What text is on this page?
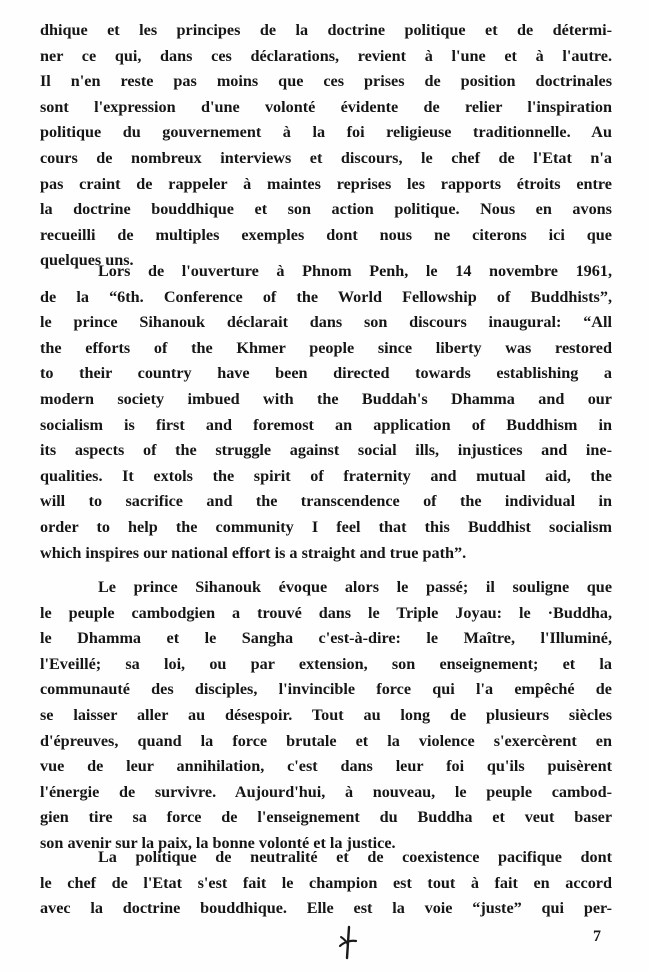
dhique et les principes de la doctrine politique et de détermi-
ner ce qui, dans ces déclarations, revient à l'une et à l'autre.
Il n'en reste pas moins que ces prises de position doctrinales
sont l'expression d'une volonté évidente de relier l'inspiration
politique du gouvernement à la foi religieuse traditionnelle. Au
cours de nombreux interviews et discours, le chef de l'Etat n'a
pas craint de rappeler à maintes reprises les rapports étroits entre
la doctrine bouddhique et son action politique. Nous en avons
recueilli de multiples exemples dont nous ne citerons ici que
quelques uns.
Lors de l'ouverture à Phnom Penh, le 14 novembre 1961,
de la “6th. Conference of the World Fellowship of Buddhists”,
le prince Sihanouk déclarait dans son discours inaugural: “All
the efforts of the Khmer people since liberty was restored
to their country have been directed towards establishing a
modern society imbued with the Buddah's Dhamma and our
socialism is first and foremost an application of Buddhism in
its aspects of the struggle against social ills, injustices and ine-
qualities. It extols the spirit of fraternity and mutual aid, the
will to sacrifice and the transcendence of the individual in
order to help the community I feel that this Buddhist socialism
which inspires our national effort is a straight and true path”.
Le prince Sihanouk évoque alors le passé; il souligne que
le peuple cambodgien a trouvé dans le Triple Joyau: le ·Buddha,
le Dhamma et le Sangha c'est-à-dire: le Maître, l'Illuminé,
l'Eveillé; sa loi, ou par extension, son enseignement; et la
communauté des disciples, l'invincible force qui l'a empêché de
se laisser aller au désespoir. Tout au long de plusieurs siècles
d'épreuves, quand la force brutale et la violence s'exercèrent en
vue de leur annihilation, c'est dans leur foi qu'ils puisèrent
l'énergie de survivre. Aujourd'hui, à nouveau, le peuple cambod-
gien tire sa force de l'enseignement du Buddha et veut baser
son avenir sur la paix, la bonne volonté et la justice.
La politique de neutralité et de coexistence pacifique dont
le chef de l'Etat s'est fait le champion est tout à fait en accord
avec la doctrine bouddhique. Elle est la voie “juste” qui per-
7
